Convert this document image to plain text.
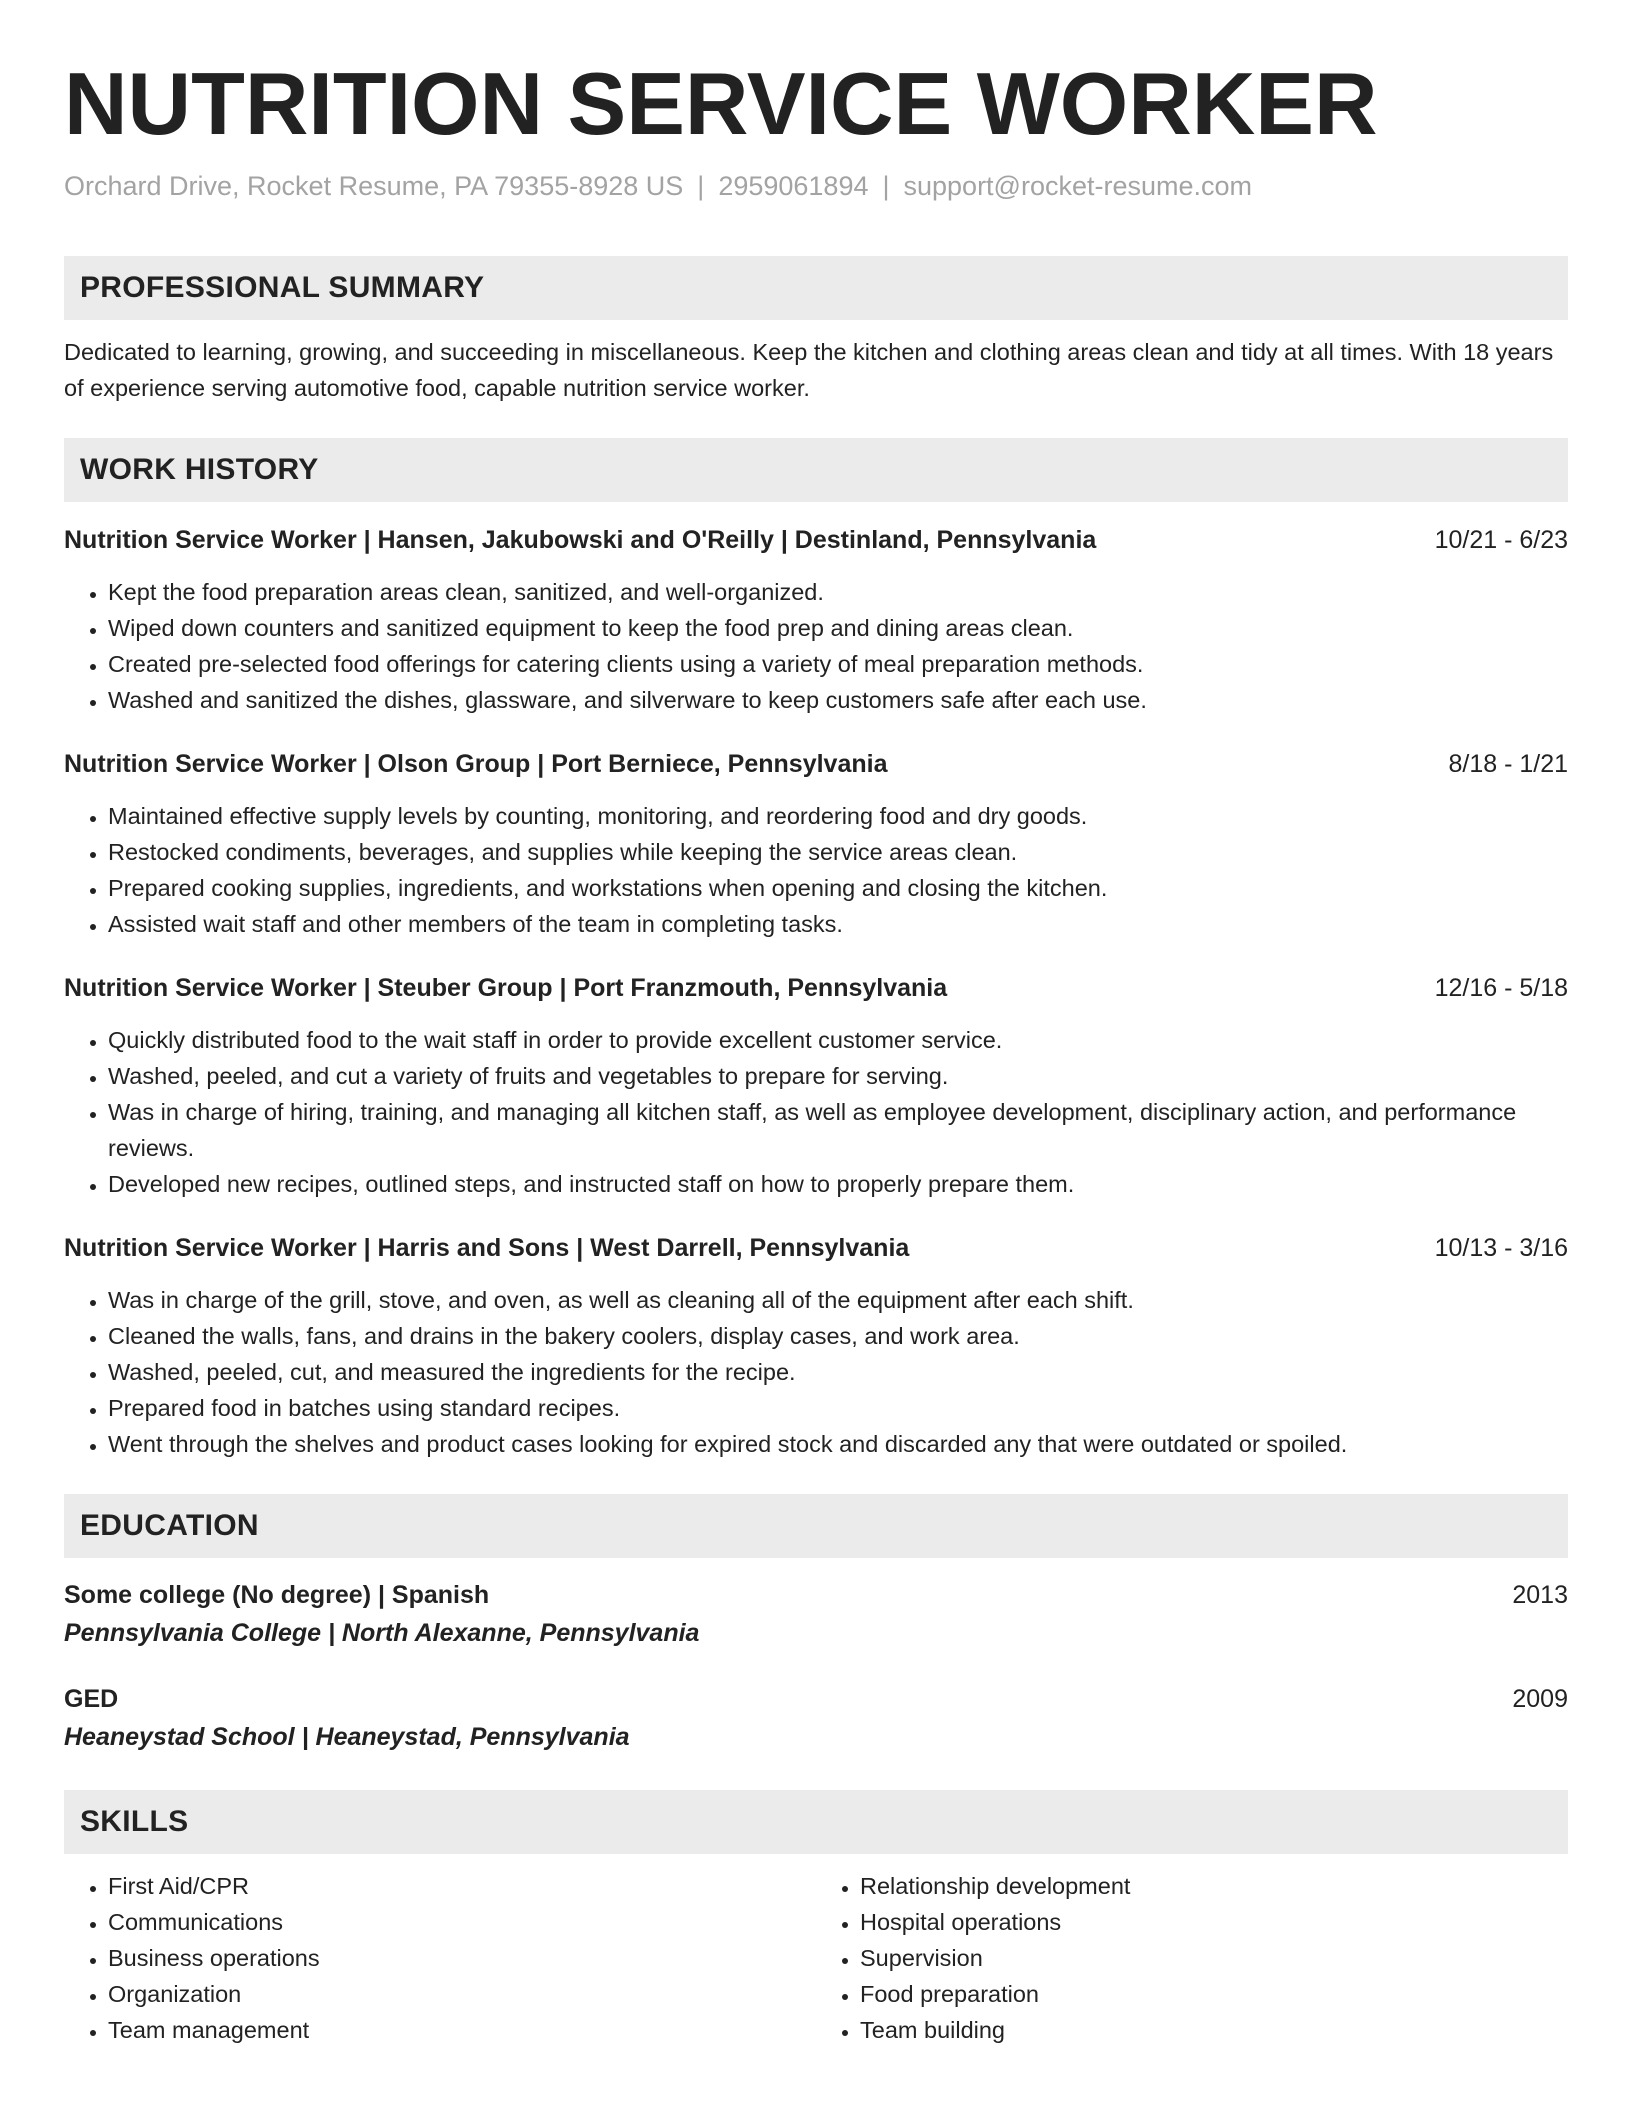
NUTRITION SERVICE WORKER
Orchard Drive, Rocket Resume, PA 79355-8928 US | 2959061894 | support@rocket-resume.com
PROFESSIONAL SUMMARY
Dedicated to learning, growing, and succeeding in miscellaneous. Keep the kitchen and clothing areas clean and tidy at all times. With 18 years of experience serving automotive food, capable nutrition service worker.
WORK HISTORY
Nutrition Service Worker | Hansen, Jakubowski and O'Reilly | Destinland, Pennsylvania	10/21 - 6/23
• Kept the food preparation areas clean, sanitized, and well-organized.
• Wiped down counters and sanitized equipment to keep the food prep and dining areas clean.
• Created pre-selected food offerings for catering clients using a variety of meal preparation methods.
• Washed and sanitized the dishes, glassware, and silverware to keep customers safe after each use.
Nutrition Service Worker | Olson Group | Port Berniece, Pennsylvania	8/18 - 1/21
• Maintained effective supply levels by counting, monitoring, and reordering food and dry goods.
• Restocked condiments, beverages, and supplies while keeping the service areas clean.
• Prepared cooking supplies, ingredients, and workstations when opening and closing the kitchen.
• Assisted wait staff and other members of the team in completing tasks.
Nutrition Service Worker | Steuber Group | Port Franzmouth, Pennsylvania	12/16 - 5/18
• Quickly distributed food to the wait staff in order to provide excellent customer service.
• Washed, peeled, and cut a variety of fruits and vegetables to prepare for serving.
• Was in charge of hiring, training, and managing all kitchen staff, as well as employee development, disciplinary action, and performance reviews.
• Developed new recipes, outlined steps, and instructed staff on how to properly prepare them.
Nutrition Service Worker | Harris and Sons | West Darrell, Pennsylvania	10/13 - 3/16
• Was in charge of the grill, stove, and oven, as well as cleaning all of the equipment after each shift.
• Cleaned the walls, fans, and drains in the bakery coolers, display cases, and work area.
• Washed, peeled, cut, and measured the ingredients for the recipe.
• Prepared food in batches using standard recipes.
• Went through the shelves and product cases looking for expired stock and discarded any that were outdated or spoiled.
EDUCATION
Some college (No degree) | Spanish	2013
Pennsylvania College | North Alexanne, Pennsylvania
GED	2009
Heaneystad School | Heaneystad, Pennsylvania
SKILLS
• First Aid/CPR
• Communications
• Business operations
• Organization
• Team management
• Relationship development
• Hospital operations
• Supervision
• Food preparation
• Team building
